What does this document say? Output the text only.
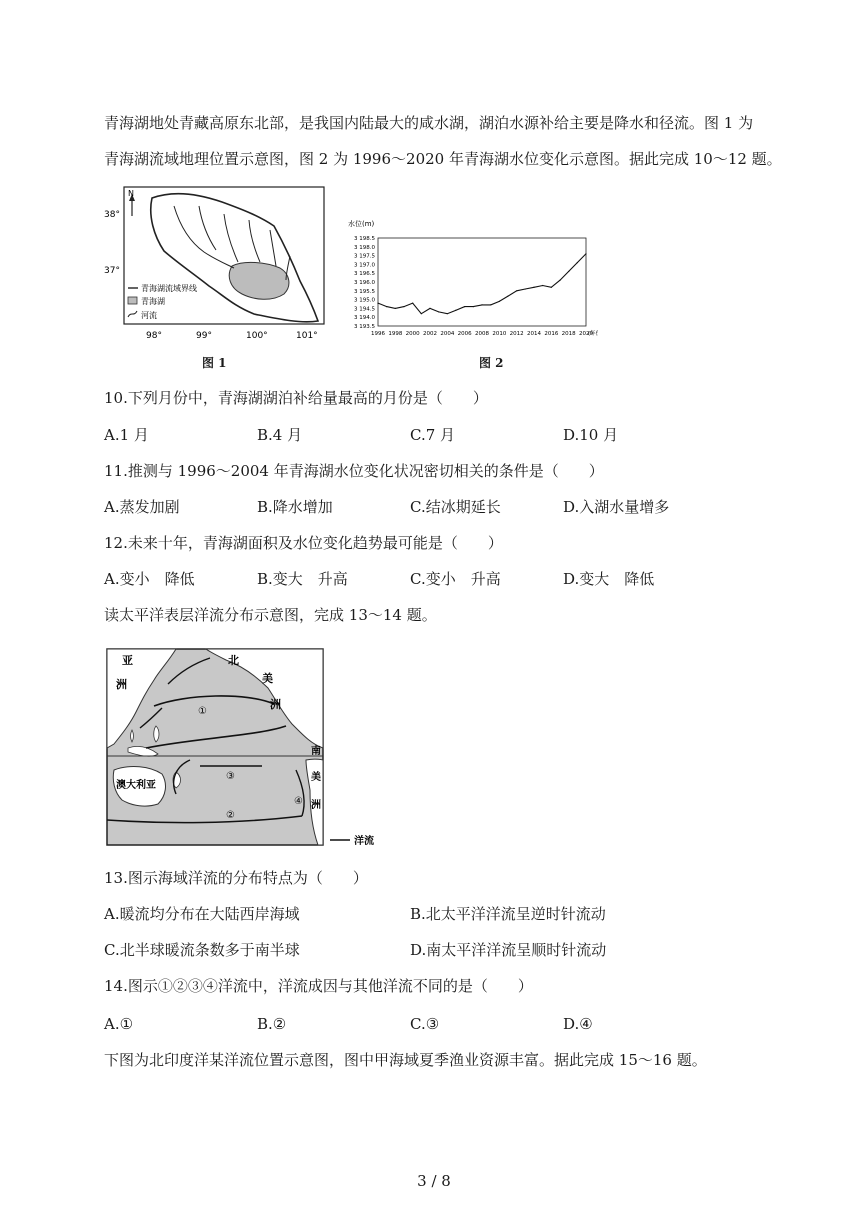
青海湖地处青藏高原东北部，是我国内陆最大的咸水湖，湖泊水源补给主要是降水和径流。图 1 为
青海湖流域地理位置示意图，图 2 为 1996～2020 年青海湖水位变化示意图。据此完成 10～12 题。
N
38°
37°
98°	99°	100°	101°
青海湖流域界线
青海湖
河流
图 1
水位(m)
3 193.5
3 194.0
3 194.5
3 195.0
3 195.5
3 196.0
3 196.5
3 197.0
3 197.5
3 198.0
3 198.5
1996 1998 2000 2002 2004 2006 2008 2010 2012 2014 2016 2018 2020
(年
图 2
10.下列月份中，青海湖湖泊补给量最高的月份是（　　）
A.1 月	B.4 月	C.7 月	D.10 月
11.推测与 1996～2004 年青海湖水位变化状况密切相关的条件是（　　）
A.蒸发加剧	B.降水增加	C.结冰期延长	D.入湖水量增多
12.未来十年，青海湖面积及水位变化趋势最可能是（　　）
A.变小　降低	B.变大　升高	C.变小　升高	D.变大　降低
读太平洋表层洋流分布示意图，完成 13～14 题。
亚
洲
北
美
洲
南
美
洲
澳大利亚
①
②
③
④
洋流
13.图示海域洋流的分布特点为（　　）
A.暖流均分布在大陆西岸海域	B.北太平洋洋流呈逆时针流动
C.北半球暖流条数多于南半球	D.南太平洋洋流呈顺时针流动
14.图示①②③④洋流中，洋流成因与其他洋流不同的是（　　）
A.①	B.②	C.③	D.④
下图为北印度洋某洋流位置示意图，图中甲海域夏季渔业资源丰富。据此完成 15～16 题。
3 / 8
